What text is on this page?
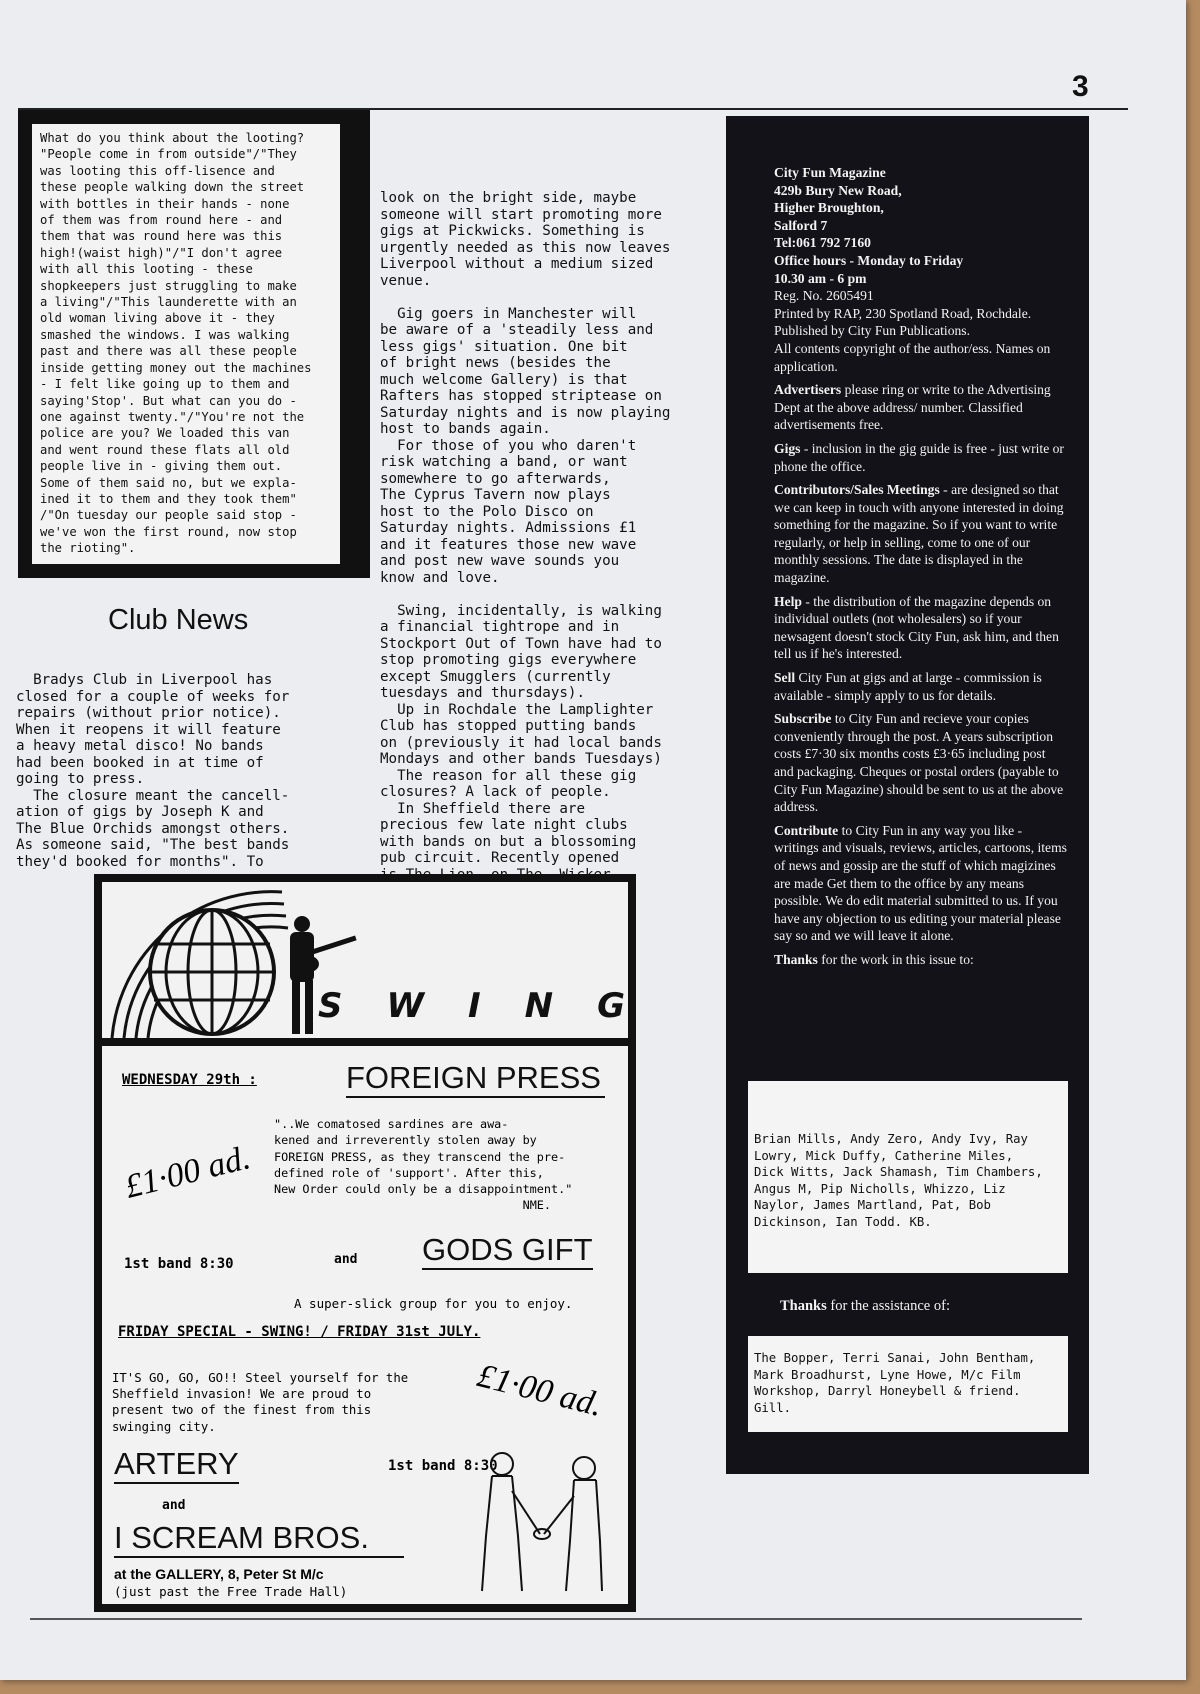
3
What do you think about the looting?
"People come in from outside"/"They
was looting this off-lisence and
these people walking down the street
with bottles in their hands - none
of them was from round here - and
them that was round here was this
high!(waist high)"/"I don't agree
with all this looting - these
shopkeepers just struggling to make
a living"/"This launderette with an
old woman living above it - they
smashed the windows. I was walking
past and there was all these people
inside getting money out the machines
- I felt like going up to them and
saying'Stop'. But what can you do -
one against twenty."/"You're not the
police are you? We loaded this van
and went round these flats all old
people live in - giving them out.
Some of them said no, but we expla-
ined it to them and they took them"
/"On tuesday our people said stop -
we've won the first round, now stop
the rioting".
Club News
Bradys Club in Liverpool has
closed for a couple of weeks for
repairs (without prior notice).
When it reopens it will feature
a heavy metal disco! No bands
had been booked in at time of
going to press.
The closure meant the cancell-
ation of gigs by Joseph K and
The Blue Orchids amongst others.
As someone said, "The best bands
they'd booked for months". To
look on the bright side, maybe
someone will start promoting more
gigs at Pickwicks. Something is
urgently needed as this now leaves
Liverpool without a medium sized
venue.

Gig goers in Manchester will
be aware of a 'steadily less and
less gigs' situation. One bit
of bright news (besides the
much welcome Gallery) is that
Rafters has stopped striptease on
Saturday nights and is now playing
host to bands again.
For those of you who daren't
risk watching a band, or want
somewhere to go afterwards,
The Cyprus Tavern now plays
host to the Polo Disco on
Saturday nights. Admissions £1
and it features those new wave
and post new wave sounds you
know and love.

Swing, incidentally, is walking
a financial tightrope and in
Stockport Out of Town have had to
stop promoting gigs everywhere
except Smugglers (currently
tuesdays and thursdays).
Up in Rochdale the Lamplighter
Club has stopped putting bands
on (previously it had local bands
Mondays and other bands Tuesdays)
The reason for all these gig
closures? A lack of people.
In Sheffield there are
precious few late night clubs
with bands on but a blossoming
pub circuit. Recently opened

City Fun Magazine
429b Bury New Road,
Higher Broughton,
Salford 7
Tel:061 792 7160
Office hours - Monday to Friday
10.30 am - 6 pm
Reg. No. 2605491
Printed by RAP, 230 Spotland Road, Rochdale.
Published by City Fun Publications.

All contents copyright of the author/ess. Names on application.

Advertisers please ring or write to the Advertising Dept at the above address/ number. Classified advertisements free.

Gigs - inclusion in the gig guide is free - just write or phone the office.

Contributors/Sales Meetings - are designed so that we can keep in touch with anyone interested in doing something for the magazine. So if you want to write regularly, or help in selling, come to one of our monthly sessions. The date is displayed in the magazine.

Help - the distribution of the magazine depends on individual outlets (not wholesalers) so if your newsagent doesn't stock City Fun, ask him, and then tell us if he's interested.

Sell City Fun at gigs and at large - commission is available - simply apply to us for details.

Subscribe to City Fun and recieve your copies conveniently through the post. A years subscription costs £7·30 six months costs £3·65 including post and packaging. Cheques or postal orders (payable to City Fun Magazine) should be sent to us at the above address.

Contribute to City Fun in any way you like - writings and visuals, reviews, articles, cartoons, items of news and gossip are the stuff of which magizines are made Get them to the office by any means possible. We do edit material submitted to us. If you have any objection to us editing your material please say so and we will leave it alone.

Thanks for the work in this issue to:

Brian Mills, Andy Zero, Andy Ivy, Ray
Lowry, Mick Duffy, Catherine Miles,
Dick Witts, Jack Shamash, Tim Chambers,
Angus M, Pip Nicholls, Whizzo, Liz
Naylor, James Martland, Pat, Bob
Dickinson, Ian Todd. KB.
Thanks for the assistance of:
The Bopper, Terri Sanai, John Bentham,
Mark Broadhurst, Lyne Howe, M/c Film
Workshop, Darryl Honeybell & friend.
Gill.
SWING
WEDNESDAY 29th :	FOREIGN PRESS
"..We comatosed sardines are awa-
kened and irreverently stolen away by
FOREIGN PRESS, as they transcend the pre-
defined role of 'support'. After this,
New Order could only be a disappointment."
NME.
£1·00 ad.
1st band 8:30	and GODS GIFT
A super-slick group for you to enjoy.
FRIDAY SPECIAL - SWING! / FRIDAY 31st JULY.
IT'S GO, GO, GO!! Steel yourself for the
Sheffield invasion! We are proud to
present two of the finest from this
swinging city.
£1·00 ad.
1st band 8:30
ARTERY
and
I SCREAM BROS.
at the GALLERY, 8, Peter St M/c
(just past the Free Trade Hall)
